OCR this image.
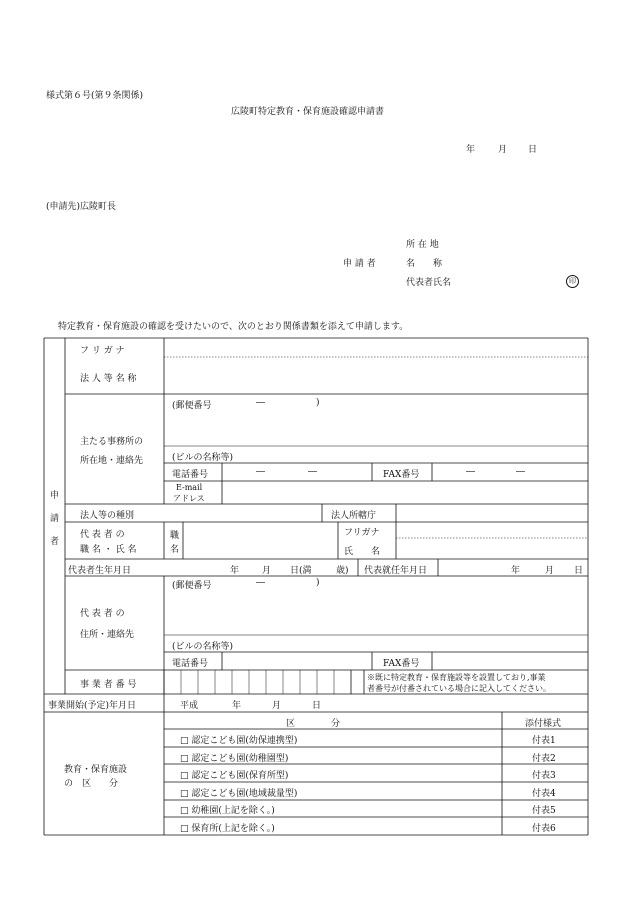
様式第６号(第９条関係)
広陵町特定教育・保育施設確認申請書
年	月 日
(申請先)広陵町長
所 在 地
申 請 者	名　　称
代表者氏名	印
特定教育・保育施設の確認を受けたいので、次のとおり関係書類を添えて申請します。
申
請
者
フ リ ガ ナ
法 人 等 名 称
主たる事務所の
所在地・連絡先
(郵便番号	―	)
(ビルの名称等)
電話番号	―	―	FAX番号	―	―
E-mail
アドレス
法人等の種別	法人所轄庁
代 表 者 の
職 名 ・ 氏 名
職
名
フリガナ
氏　　名
代表者生年月日	年	月 日(満	歳) 代表就任年月日	年	月 日
代 表 者 の
住所・連絡先
(郵便番号	―	)
(ビルの名称等)
電話番号	FAX番号
事 業 者 番 号
※既に特定教育・保育施設等を設置しており,事業
者番号が付番されている場合に記入してください。
事業開始(予定)年月日	平成	年	月	日
教育・保育施設
の　区　　分
区　　　　分	添付様式
□ 認定こども園(幼保連携型)	付表1
□ 認定こども園(幼稚園型)	付表2
□ 認定こども園(保育所型)	付表3
□ 認定こども園(地域裁量型)	付表4
□ 幼稚園(上記を除く。)	付表5
□ 保育所(上記を除く。)	付表6
